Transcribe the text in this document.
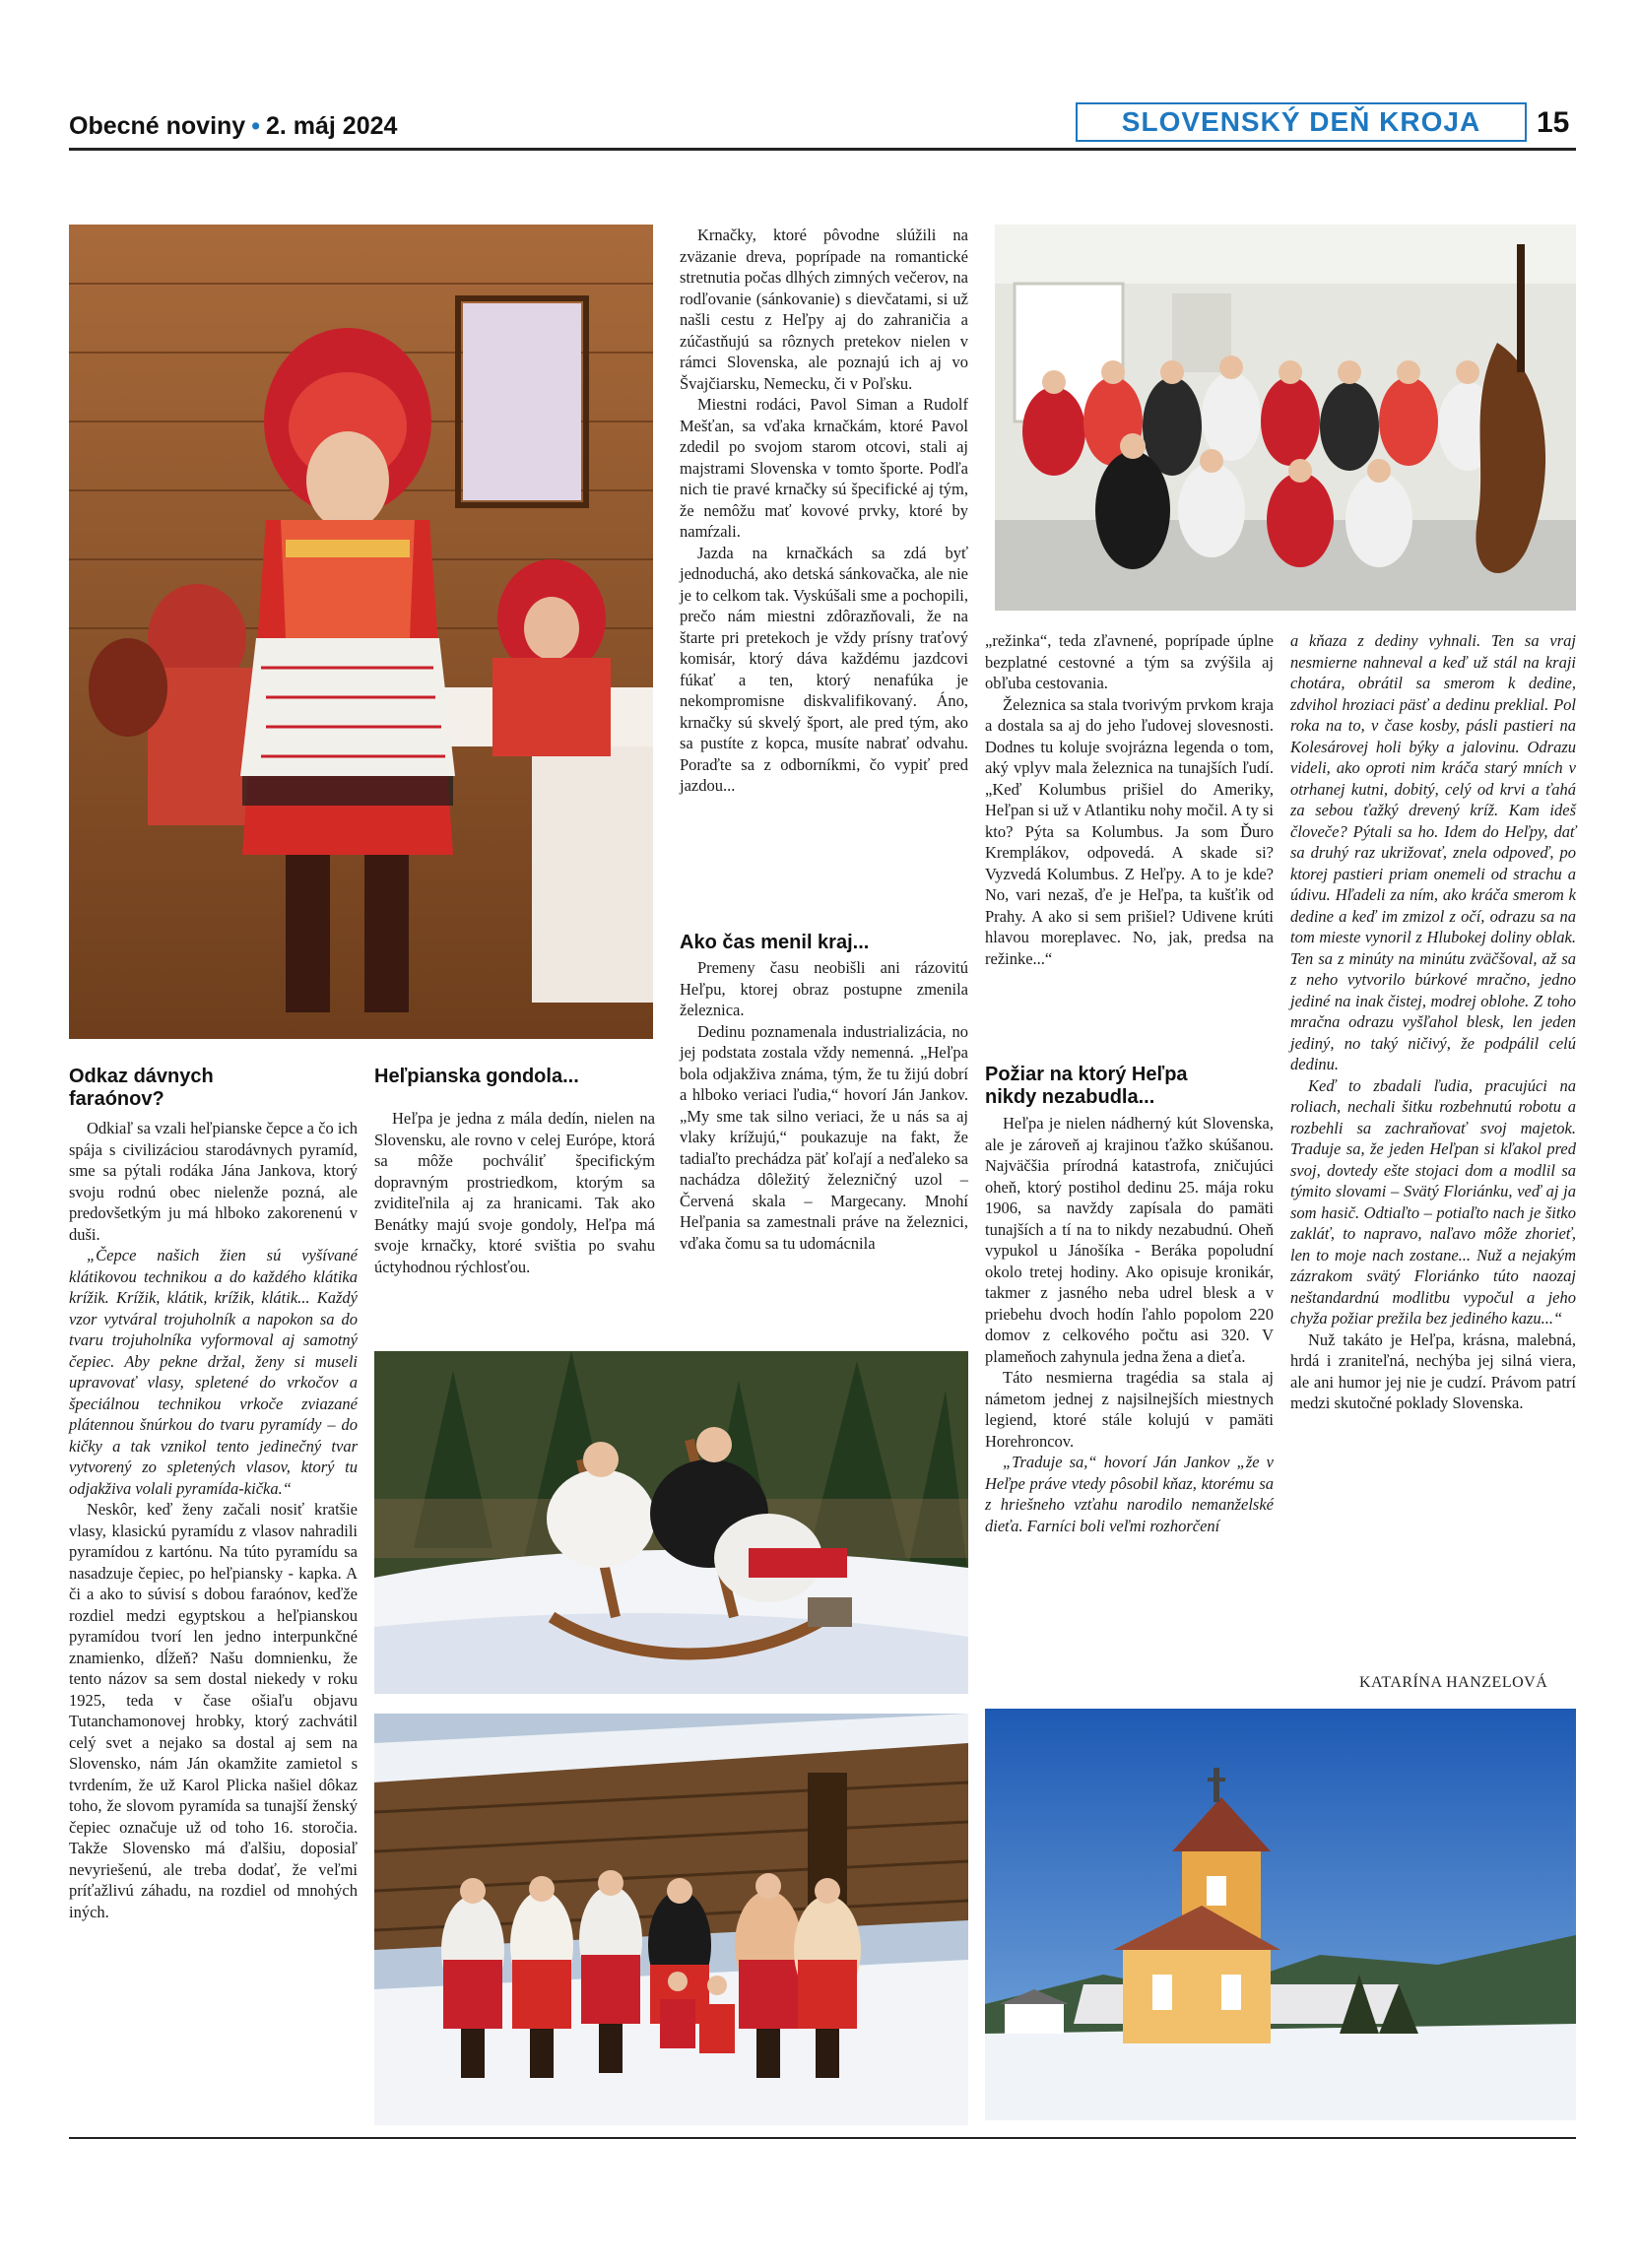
Obecné noviny • 2. máj 2024	SLOVENSKÝ DEŇ KROJA	15
Odkaz dávnych faraónov?

Odkiaľ sa vzali heľpianske čepce a čo ich spája s civilizáciou starodávnych pyramíd, sme sa pýtali rodáka Jána Jankova, ktorý svoju rodnú obec nielenže pozná, ale predovšetkým ju má hlboko zakorenenú v duši.

„Čepce našich žien sú vyšívané klátikovou technikou a do každého klátika krížik. Krížik, klátik, krížik, klátik... Každý vzor vytváral trojuholník a napokon sa do tvaru trojuholníka vyformoval aj samotný čepiec. Aby pekne držal, ženy si museli upravovať vlasy, spletené do vrkočov a špeciálnou technikou vrkoče zviazané plátennou šnúrkou do tvaru pyramídy – do kičky a tak vznikol tento jedinečný tvar vytvorený zo spletených vlasov, ktorý tu odjakživa volali pyramída-kička.“

Neskôr, keď ženy začali nosiť kratšie vlasy, klasickú pyramídu z vlasov nahradili pyramídou z kartónu. Na túto pyramídu sa nasadzuje čepiec, po heľpiansky - kapka. A či a ako to súvisí s dobou faraónov, keďže rozdiel medzi egyptskou a heľpianskou pyramídou tvorí len jedno interpunkčné znamienko, dĺžeň? Našu domnienku, že tento názov sa sem dostal niekedy v roku 1925, teda v čase ošiaľu objavu Tutanchamonovej hrobky, ktorý zachvátil celý svet a nejako sa dostal aj sem na Slovensko, nám Ján okamžite zamietol s tvrdením, že už Karol Plicka našiel dôkaz toho, že slovom pyramída sa tunajší ženský čepiec označuje už od toho 16. storočia. Takže Slovensko má ďalšiu, doposiaľ nevyriešenú, ale treba dodať, že veľmi príťažlivú záhadu, na rozdiel od mnohých iných.

Heľpianska gondola...

Heľpa je jedna z mála dedín, nielen na Slovensku, ale rovno v celej Európe, ktorá sa môže pochváliť špecifickým dopravným prostriedkom, ktorým sa zviditeľnila aj za hranicami. Tak ako Benátky majú svoje gondoly, Heľpa má svoje krnačky, ktoré svištia po svahu úctyhodnou rýchlosťou.

Krnačky, ktoré pôvodne slúžili na zväzanie dreva, poprípade na romantické stretnutia počas dlhých zimných večerov, na rodľovanie (sánkovanie) s dievčatami, si už našli cestu z Heľpy aj do zahraničia a zúčastňujú sa rôznych pretekov nielen v rámci Slovenska, ale poznajú ich aj vo Švajčiarsku, Nemecku, či v Poľsku.

Miestni rodáci, Pavol Siman a Rudolf Mešťan, sa vďaka krnačkám, ktoré Pavol zdedil po svojom starom otcovi, stali aj majstrami Slovenska v tomto športe. Podľa nich tie pravé krnačky sú špecifické aj tým, že nemôžu mať kovové prvky, ktoré by namŕzali.

Jazda na krnačkách sa zdá byť jednoduchá, ako detská sánkovačka, ale nie je to celkom tak. Vyskúšali sme a pochopili, prečo nám miestni zdôrazňovali, že na štarte pri pretekoch je vždy prísny traťový komisár, ktorý dáva každému jazdcovi fúkať a ten, ktorý nenafúka je nekompromisne diskvalifikovaný. Áno, krnačky sú skvelý šport, ale pred tým, ako sa pustíte z kopca, musíte nabrať odvahu. Poraďte sa z odborníkmi, čo vypiť pred jazdou...

Ako čas menil kraj...

Premeny času neobišli ani rázovitú Heľpu, ktorej obraz postupne zmenila železnica.

Dedinu poznamenala industrializácia, no jej podstata zostala vždy nemenná. „Heľpa bola odjakživa známa, tým, že tu žijú dobrí a hlboko veriaci ľudia,“ hovorí Ján Jankov. „My sme tak silno veriaci, že u nás sa aj vlaky krížujú,“ poukazuje na fakt, že tadiaľto prechádza päť koľají a neďaleko sa nachádza dôležitý železničný uzol – Červená skala – Margecany. Mnohí Heľpania sa zamestnali práve na železnici, vďaka čomu sa tu udomácnila

„režinka“, teda zľavnené, poprípade úplne bezplatné cestovné a tým sa zvýšila aj obľuba cestovania.

Železnica sa stala tvorivým prvkom kraja a dostala sa aj do jeho ľudovej slovesnosti. Dodnes tu koluje svojrázna legenda o tom, aký vplyv mala železnica na tunajších ľudí. „Keď Kolumbus prišiel do Ameriky, Heľpan si už v Atlantiku nohy močil. A ty si kto? Pýta sa Kolumbus. Ja som Ďuro Kremplákov, odpovedá. A skade si? Vyzvedá Kolumbus. Z Heľpy. A to je kde? No, vari nezaš, ďe je Heľpa, ta kušťik od Prahy. A ako si sem prišiel? Udivene krúti hlavou moreplavec. No, jak, predsa na režinke...“

Požiar na ktorý Heľpa nikdy nezabudla...

Heľpa je nielen nádherný kút Slovenska, ale je zároveň aj krajinou ťažko skúšanou. Najväčšia prírodná katastrofa, zničujúci oheň, ktorý postihol dedinu 25. mája roku 1906, sa navždy zapísala do pamäti tunajších a tí na to nikdy nezabudnú. Oheň vypukol u Jánošíka - Beráka popoludní okolo tretej hodiny. Ako opisuje kronikár, takmer z jasného neba udrel blesk a v priebehu dvoch hodín ľahlo popolom 220 domov z celkového počtu asi 320. V plameňoch zahynula jedna žena a dieťa.

Táto nesmierna tragédia sa stala aj námetom jednej z najsilnejších miestnych legiend, ktoré stále kolujú v pamäti Horehroncov.

„Traduje sa,“ hovorí Ján Jankov „že v Heľpe práve vtedy pôsobil kňaz, ktorému sa z hriešneho vzťahu narodilo nemanželské dieťa. Farníci boli veľmi rozhorčení

a kňaza z dediny vyhnali. Ten sa vraj nesmierne nahneval a keď už stál na kraji chotára, obrátil sa smerom k dedine, zdvihol hroziaci päsť a dedinu preklial. Pol roka na to, v čase kosby, pásli pastieri na Kolesárovej holi býky a jalovinu. Odrazu videli, ako oproti nim kráča starý mních v otrhanej kutni, dobitý, celý od krvi a ťahá za sebou ťažký drevený kríž. Kam ideš človeče? Pýtali sa ho. Idem do Heľpy, dať sa druhý raz ukrižovať, znela odpoveď, po ktorej pastieri priam onemeli od strachu a údivu. Hľadeli za ním, ako kráča smerom k dedine a keď im zmizol z očí, odrazu sa na tom mieste vynoril z Hlubokej doliny oblak. Ten sa z minúty na minútu zväčšoval, až sa z neho vytvorilo búrkové mračno, jedno jediné na inak čistej, modrej oblohe. Z toho mračna odrazu vyšľahol blesk, len jeden jediný, no taký ničivý, že podpálil celú dedinu.

Keď to zbadali ľudia, pracujúci na roliach, nechali šitku rozbehnutú robotu a rozbehli sa zachraňovať svoj majetok. Traduje sa, že jeden Heľpan si kľakol pred svoj, dovtedy ešte stojaci dom a modlil sa týmito slovami – Svätý Floriánku, veď aj ja som hasič. Odtiaľto – potiaľto nach je šitko zakláť, to napravo, naľavo môže zhorieť, len to moje nach zostane... Nuž a nejakým zázrakom svätý Floriánko túto naozaj neštandardnú modlitbu vypočul a jeho chyža požiar prežila bez jediného kazu...“

Nuž takáto je Heľpa, krásna, malebná, hrdá i zraniteľná, nechýba jej silná viera, ale ani humor jej nie je cudzí. Právom patrí medzi skutočné poklady Slovenska.

KATARÍNA HANZELOVÁ
